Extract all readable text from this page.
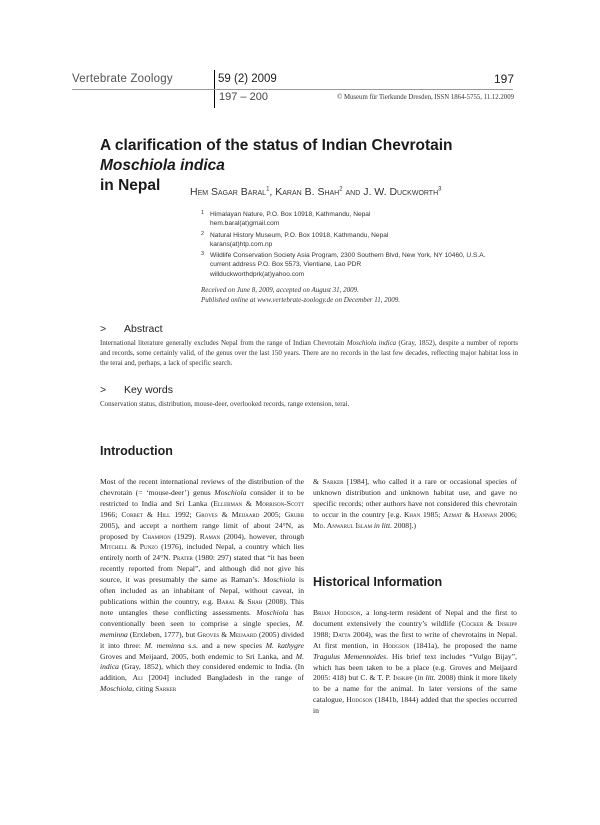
Vertebrate Zoology	59 (2) 2009
197 – 200
197
© Museum für Tierkunde Dresden, ISSN 1864-5755, 11.12.2009
A clarification of the status of Indian Chevrotain Moschiola indica
in Nepal	Hem Sagar Baral$^1$, Karan B. Shah$^2$ and J. W. Duckworth$^3$
1 Himalayan Nature, P.O. Box 10918, Kathmandu, Nepal
hem.baral(at)gmail.com
2 Natural History Museum, P.O. Box 10918, Kathmandu, Nepal
karans(at)htp.com.np
3 Wildlife Conservation Society Asia Program, 2300 Southern Blvd, New York, NY 10460, U.S.A.
current address P.O. Box 5573, Vientiane, Lao PDR
willduckworthdprk(at)yahoo.com
Received on June 8, 2009, accepted on August 31, 2009.
Published online at www.vertebrate-zoology.de on December 11, 2009.
> Abstract
International literature generally excludes Nepal from the range of Indian Chevrotain Moschiola indica (Gray, 1852), despite a number of reports and records, some certainly valid, of the genus over the last 150 years. There are no records in the last few decades, reflecting major habitat loss in the terai and, perhaps, a lack of specific search.
> Key words
Conservation status, distribution, mouse-deer, overlooked records, range extension, terai.
Introduction

Most of the recent international reviews of the distribution of the chevrotain (= ‘mouse-deer’) genus Moschiola consider it to be restricted to India and Sri Lanka (Ellerman & Morrison-Scott 1966; Corbet & Hill 1992; Groves & Meijaard 2005; Grubb 2005), and accept a northern range limit of about 24°N, as proposed by Champion (1929). Raman (2004), however, through Mitchell & Punzo (1976), included Nepal, a country which lies entirely north of 24°N. Prater (1980: 297) stated that “it has been recently reported from Nepal”, and although did not give his source, it was presumably the same as Raman’s. Moschiola is often included as an inhabitant of Nepal, without caveat, in publications within the country, e.g. Baral & Shah (2008). This note untangles these conflicting assessments. Moschiola has conventionally been seen to comprise a single species, M. meminna (Erxleben, 1777), but Groves & Meijaard (2005) divided it into three: M. meminna s.s. and a new species M. kathygre Groves and Meijaard, 2005, both endemic to Sri Lanka, and M. indica (Gray, 1852), which they considered endemic to India. (In addition, Ali [2004] included Bangladesh in the range of Moschiola, citing Sarker

& Sarker [1984], who called it a rare or occasional species of unknown distribution and unknown habitat use, and gave no specific records; other authors have not considered this chevrotain to occur in the country [e.g. Khan 1985; Azmat & Hannan 2006; Md. Anwarul Islam in litt. 2008].)

Historical Information

Brian Hodgson, a long-term resident of Nepal and the first to document extensively the country’s wildlife (Cocker & Inskipp 1988; Datta 2004), was the first to write of chevrotains in Nepal. At first mention, in Hodgson (1841a), he proposed the name Tragulus Memennoides. His brief text includes “Vulgo Bijay”, which has been taken to be a place (e.g. Groves and Meijaard 2005: 418) but C. & T. P. Inskipp (in litt. 2008) think it more likely to be a name for the animal. In later versions of the same catalogue, Hodgson (1841b, 1844) added that the species occurred in
